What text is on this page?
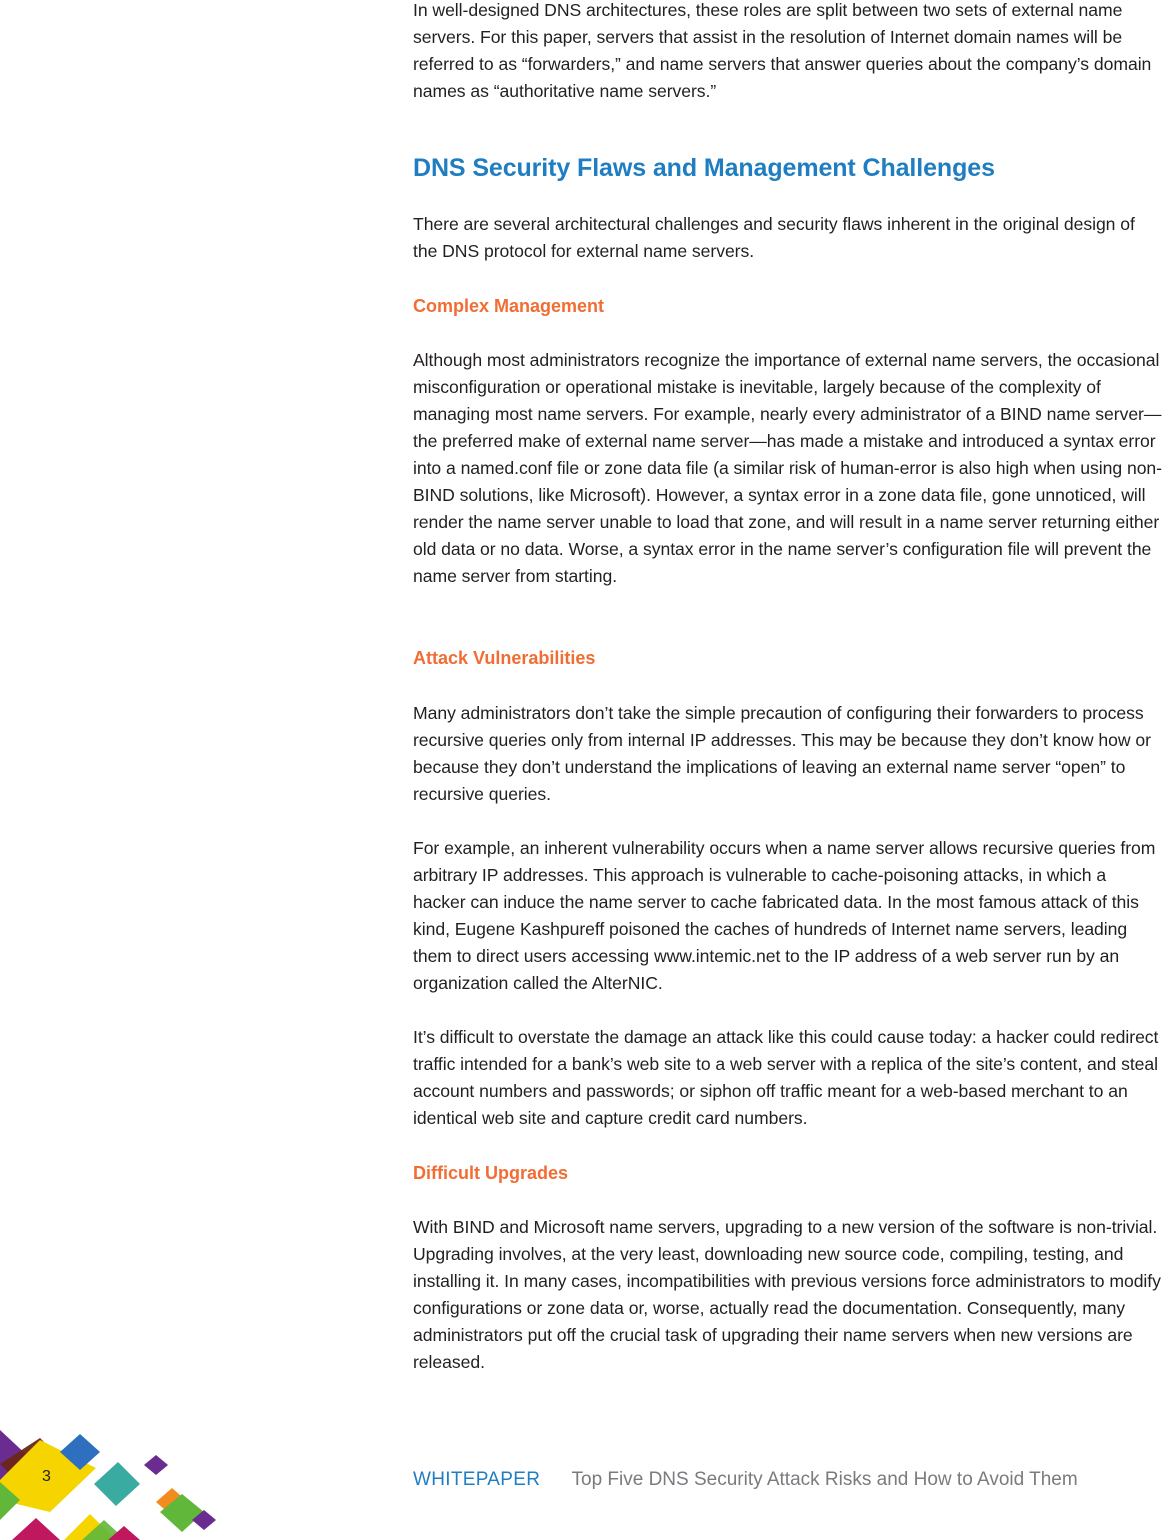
In well-designed DNS architectures, these roles are split between two sets of external name servers. For this paper, servers that assist in the resolution of Internet domain names will be referred to as “forwarders,” and name servers that answer queries about the company’s domain names as “authoritative name servers.”

DNS Security Flaws and Management Challenges

There are several architectural challenges and security flaws inherent in the original design of the DNS protocol for external name servers.

Complex Management

Although most administrators recognize the importance of external name servers, the occasional misconfiguration or operational mistake is inevitable, largely because of the complexity of managing most name servers. For example, nearly every administrator of a BIND name server—the preferred make of external name server—has made a mistake and introduced a syntax error into a named.conf file or zone data file (a similar risk of human-error is also high when using non-BIND solutions, like Microsoft). However, a syntax error in a zone data file, gone unnoticed, will render the name server unable to load that zone, and will result in a name server returning either old data or no data. Worse, a syntax error in the name server’s configuration file will prevent the name server from starting.

Attack Vulnerabilities

Many administrators don’t take the simple precaution of configuring their forwarders to process recursive queries only from internal IP addresses. This may be because they don’t know how or because they don’t understand the implications of leaving an external name server “open” to recursive queries.

For example, an inherent vulnerability occurs when a name server allows recursive queries from arbitrary IP addresses. This approach is vulnerable to cache-poisoning attacks, in which a hacker can induce the name server to cache fabricated data. In the most famous attack of this kind, Eugene Kashpureff poisoned the caches of hundreds of Internet name servers, leading them to direct users accessing www.intemic.net to the IP address of a web server run by an organization called the AlterNIC.

It’s difficult to overstate the damage an attack like this could cause today: a hacker could redirect traffic intended for a bank’s web site to a web server with a replica of the site’s content, and steal account numbers and passwords; or siphon off traffic meant for a web-based merchant to an identical web site and capture credit card numbers.

Difficult Upgrades

With BIND and Microsoft name servers, upgrading to a new version of the software is non-trivial. Upgrading involves, at the very least, downloading new source code, compiling, testing, and installing it. In many cases, incompatibilities with previous versions force administrators to modify configurations or zone data or, worse, actually read the documentation. Consequently, many administrators put off the crucial task of upgrading their name servers when new versions are released.

3	WHITEPAPER Top Five DNS Security Attack Risks and How to Avoid Them
